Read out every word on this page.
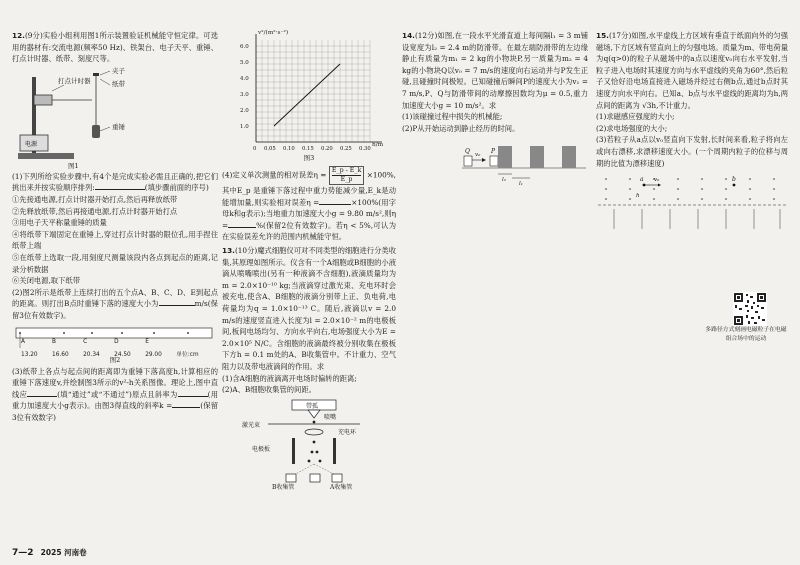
12.(9分)实验小组利用图1所示装置验证机械能守恒定律。可选用的器材有:交流电源(频率50 Hz)、铁架台、电子天平、重锤、打点计时器、纸带、刻度尺等。

电源
打点计时器
夹子
纸带
重锤
图1

(1)下列所给实验步骤中,有4个是完成实验必需且正确的,把它们挑出来并按实验顺序排列:	(填步骤前面的序号)

①先接通电源,打点计时器开始打点,然后再释放纸带

②先释放纸带,然后再接通电源,打点计时器开始打点

③用电子天平称量重锤的质量

④将纸带下端固定在重锤上,穿过打点计时器的限位孔,用手捏住纸带上端

⑤在纸带上选取一段,用刻度尺测量该段内各点到起点的距离,记录分析数据

⑥关闭电源,取下纸带

(2)图2所示是纸带上连续打出的五个点A、B、C、D、E到起点的距离。则打出B点时重锤下落的速度大小为	m/s(保留3位有效数字)。

A	B	C	D	E	
13.20	16.60	20.34	24.50	29.00	单位:cm
图2

(3)纸带上各点与起点间的距离即为重锤下落高度h,计算相应的重锤下落速度v,并绘制图3所示的v²-h关系图像。理论上,图中直线应	(填“通过”或“不通过”)原点且斜率为	(用重力加速度大小g表示)。由图3得直线的斜率k =	(保留3位有效数字)

v²/(m²·s⁻²)
h/m
1.0
2.0
3.0
4.0
5.0
6.0
0 0.05 0.10 0.15 0.20 0.25 0.30
图3

(4)定义单次测量的相对误差$\eta = \frac{E\_p - E\_k}{E\_p} \times 100\%$,其中E_p 是重锤下落过程中重力势能减少量,E_k是动能增加量,则实验相对误差η =	×100%(用字母k和g表示);当地重力加速度大小g = 9.80 m/s²,则η =	%(保留2位有效数字)。若η < 5%,可认为在实验误差允许的范围内机械能守恒。

13.(10分)魔式细胞仪可对不同类型的细胞进行分类收集,其原理如图所示。仪含有一个A细胞或B细胞的小液滴从喷嘴喷出(另有一种液滴不含细胞),液滴质量均为m = 2.0×10⁻¹⁰ kg;当液滴穿过激光束、充电环时会被充电,使含A、B细胞的液滴分别带上正、负电荷,电荷量均为q = 1.0×10⁻¹³ C。随后,液滴以v = 2.0 m/s的速度竖直进入长度为l = 2.0×10⁻² m的电极板间,板间电场均匀、方向水平向右,电场强度大小为E = 2.0×10⁵ N/C。含细胞的液滴最终被分别收集在极板下方h = 0.1 m处的A、B收集管中。不计重力、空气阻力以及带电液滴间的作用。求

(1)含A细胞的液滴离开电场时偏转的距离;

(2)A、B细胞收集管的间距。

带孤
喷嘴
激光束
充电环
电极板
B收集管	A收集管

14.(12分)如图,在一段水平光滑直道上每间隔l₁ = 3 m铺设宽度为l₂ = 2.4 m的防滑带。在最左端防滑带的左边缘静止有质量为m₁ = 2 kg的小物块P,另一质量为m₂ = 4 kg的小物块Q以v₀ = 7 m/s的速度向右运动并与P发生正碰,且碰撞时间极短。已知碰撞后瞬间P的速度大小为v₁ = 7 m/s,P、Q与防滑带间的动摩擦因数均为μ = 0.5,重力加速度大小g = 10 m/s²。求

(1)该碰撞过程中损失的机械能;

(2)P从开始运动到静止经历的时间。

Q	P
v₀
l₂
l₁

15.(17分)如图,水平虚线上方区域有垂直于纸面向外的匀强磁场,下方区域有竖直向上的匀强电场。质量为m、带电荷量为q(q>0)的粒子从磁场中的a点以速度v₀向右水平发射,当粒子进入电场时其速度方向与水平虚线的夹角为60°,然后粒子又恰好沿电场直接进入磁场并经过右侧b点,通过b点时其速度方向水平向右。已知a、b点与水平虚线的距离均为h,两点间的距离为 √3h,不计重力。

(1)求磁感应强度的大小;

(2)求电场强度的大小;

(3)若粒子从a点以v₀竖直向下发射,长时间来看,粒子将向左或向右漂移,求漂移速度大小。(一个周期内粒子的位移与周期的比值为漂移速度)

a v₀	b
h
多路径方式刻画电磁粒子在电磁组合场中的运动
7—2 2025 河南卷
